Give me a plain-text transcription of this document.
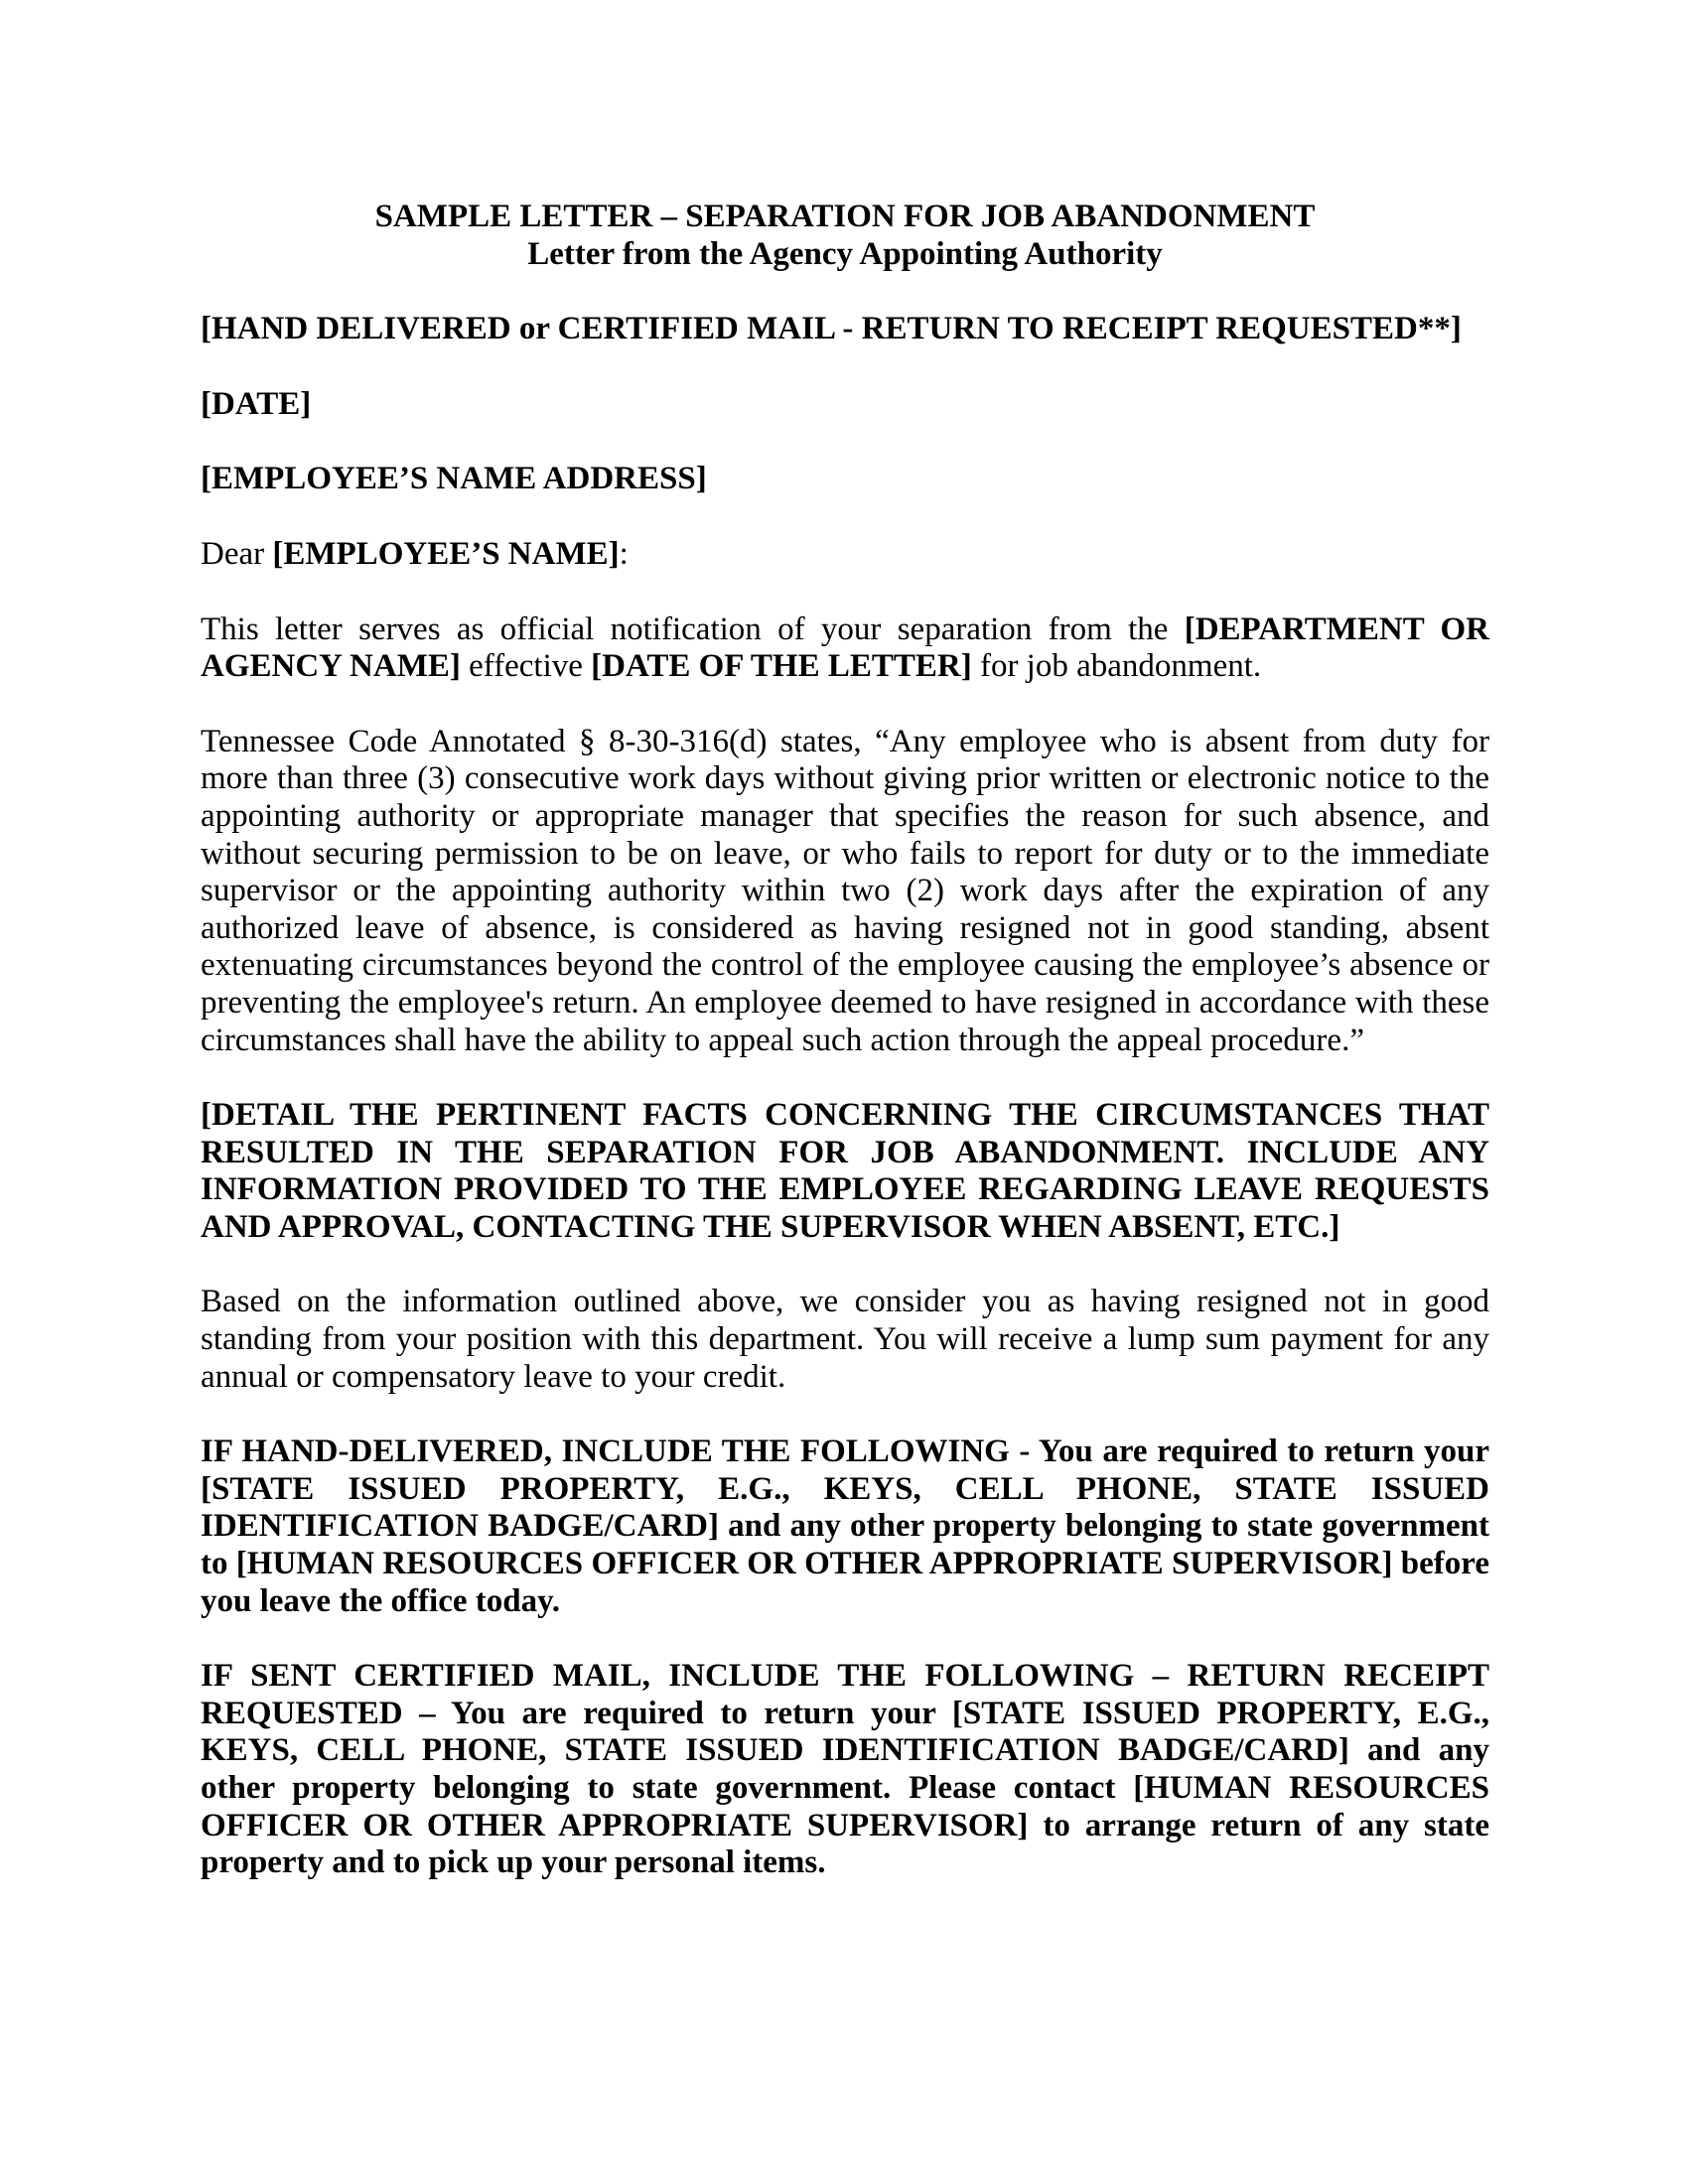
SAMPLE LETTER – SEPARATION FOR JOB ABANDONMENT
Letter from the Agency Appointing Authority

[HAND DELIVERED or CERTIFIED MAIL - RETURN TO RECEIPT REQUESTED**]

[DATE]

[EMPLOYEE’S NAME ADDRESS]

Dear [EMPLOYEE’S NAME]:

This letter serves as official notification of your separation from the [DEPARTMENT OR AGENCY NAME] effective [DATE OF THE LETTER] for job abandonment.

Tennessee Code Annotated § 8-30-316(d) states, “Any employee who is absent from duty for more than three (3) consecutive work days without giving prior written or electronic notice to the appointing authority or appropriate manager that specifies the reason for such absence, and without securing permission to be on leave, or who fails to report for duty or to the immediate supervisor or the appointing authority within two (2) work days after the expiration of any authorized leave of absence, is considered as having resigned not in good standing, absent extenuating circumstances beyond the control of the employee causing the employee’s absence or preventing the employee's return. An employee deemed to have resigned in accordance with these circumstances shall have the ability to appeal such action through the appeal procedure.”

[DETAIL THE PERTINENT FACTS CONCERNING THE CIRCUMSTANCES THAT RESULTED IN THE SEPARATION FOR JOB ABANDONMENT. INCLUDE ANY INFORMATION PROVIDED TO THE EMPLOYEE REGARDING LEAVE REQUESTS AND APPROVAL, CONTACTING THE SUPERVISOR WHEN ABSENT, ETC.]

Based on the information outlined above, we consider you as having resigned not in good standing from your position with this department. You will receive a lump sum payment for any annual or compensatory leave to your credit.

IF HAND-DELIVERED, INCLUDE THE FOLLOWING - You are required to return your [STATE ISSUED PROPERTY, E.G., KEYS, CELL PHONE, STATE ISSUED IDENTIFICATION BADGE/CARD] and any other property belonging to state government to [HUMAN RESOURCES OFFICER OR OTHER APPROPRIATE SUPERVISOR] before you leave the office today.

IF SENT CERTIFIED MAIL, INCLUDE THE FOLLOWING – RETURN RECEIPT REQUESTED – You are required to return your [STATE ISSUED PROPERTY, E.G., KEYS, CELL PHONE, STATE ISSUED IDENTIFICATION BADGE/CARD] and any other property belonging to state government. Please contact [HUMAN RESOURCES OFFICER OR OTHER APPROPRIATE SUPERVISOR] to arrange return of any state property and to pick up your personal items.
